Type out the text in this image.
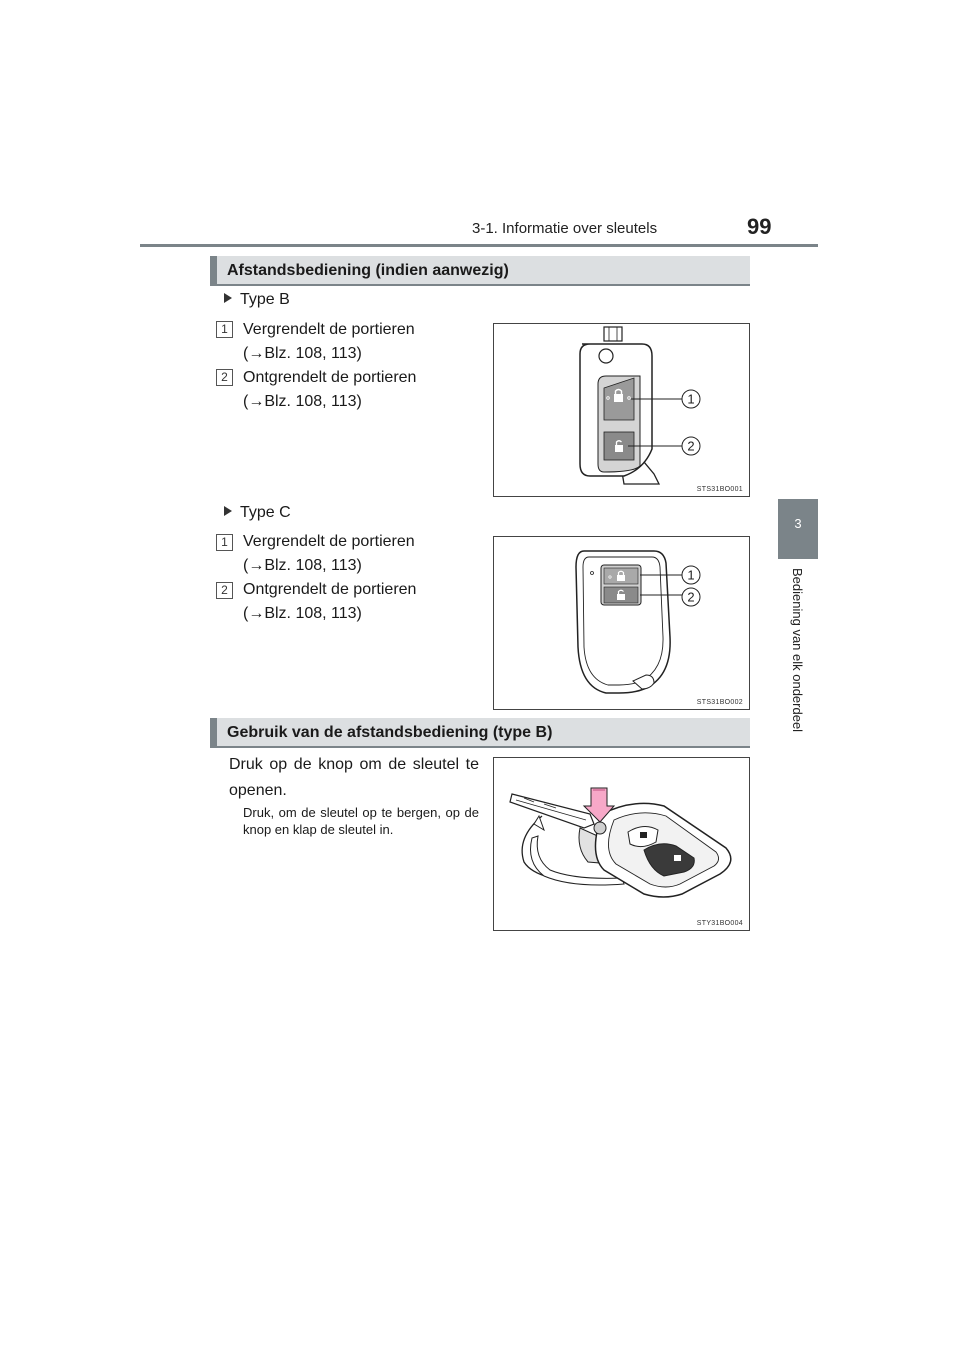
3-1. Informatie over sleutels	99
3
Bediening van elk onderdeel
Afstandsbediening (indien aanwezig)
Type B
1 Vergrendelt de portieren
(→Blz. 108, 113)
2 Ontgrendelt de portieren
(→Blz. 108, 113)	1
2
STS31BO001
Type C
1 Vergrendelt de portieren
(→Blz. 108, 113)
2 Ontgrendelt de portieren
(→Blz. 108, 113)
1
2
STS31BO002
Gebruik van de afstandsbediening (type B)
Druk op de knop om de sleutel te openen.
Druk, om de sleutel op te bergen, op de knop en klap de sleutel in.
STY31BO004
